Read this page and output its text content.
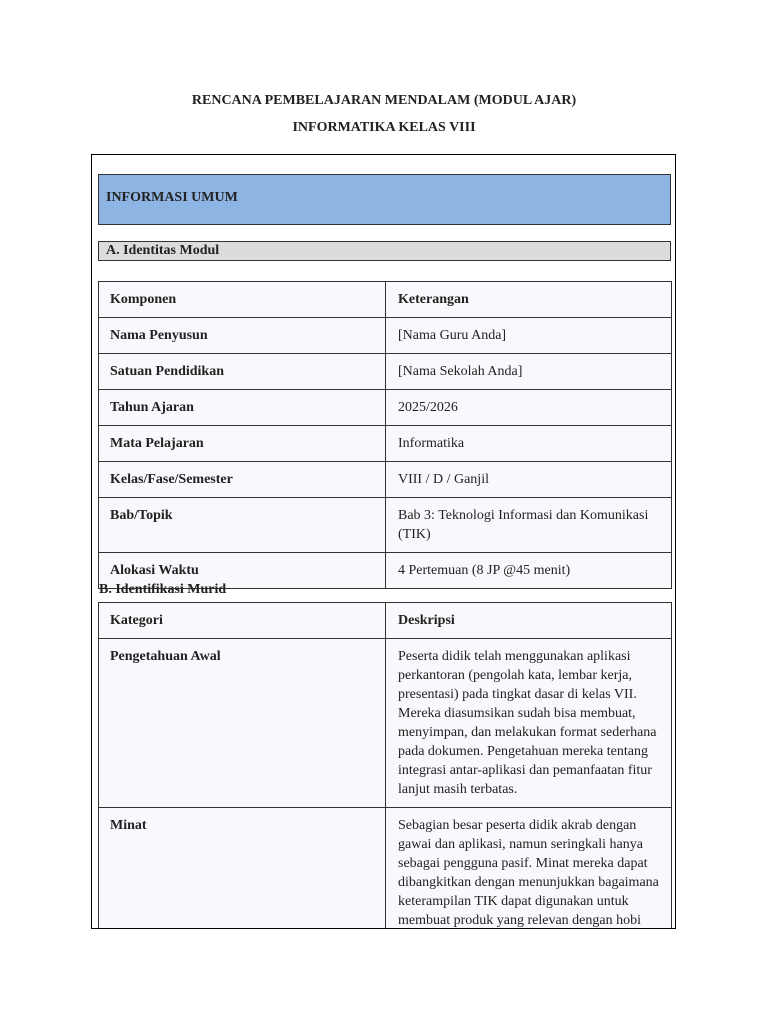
RENCANA PEMBELAJARAN MENDALAM (MODUL AJAR)
INFORMATIKA KELAS VIII
INFORMASI UMUM
A. Identitas Modul
Komponen	Keterangan
Nama Penyusun	[Nama Guru Anda]
Satuan Pendidikan	[Nama Sekolah Anda]
Tahun Ajaran	2025/2026
Mata Pelajaran	Informatika
Kelas/Fase/Semester	VIII / D / Ganjil
Bab/Topik	Bab 3: Teknologi Informasi dan Komunikasi (TIK)
Alokasi Waktu	4 Pertemuan (8 JP @45 menit)
B. Identifikasi Murid
Kategori	Deskripsi
Pengetahuan Awal	Peserta didik telah menggunakan aplikasi perkantoran (pengolah kata, lembar kerja, presentasi) pada tingkat dasar di kelas VII. Mereka diasumsikan sudah bisa membuat, menyimpan, dan melakukan format sederhana pada dokumen. Pengetahuan mereka tentang integrasi antar-aplikasi dan pemanfaatan fitur lanjut masih terbatas.
Minat	Sebagian besar peserta didik akrab dengan gawai dan aplikasi, namun seringkali hanya sebagai pengguna pasif. Minat mereka dapat dibangkitkan dengan menunjukkan bagaimana keterampilan TIK dapat digunakan untuk membuat produk yang relevan dengan hobi
